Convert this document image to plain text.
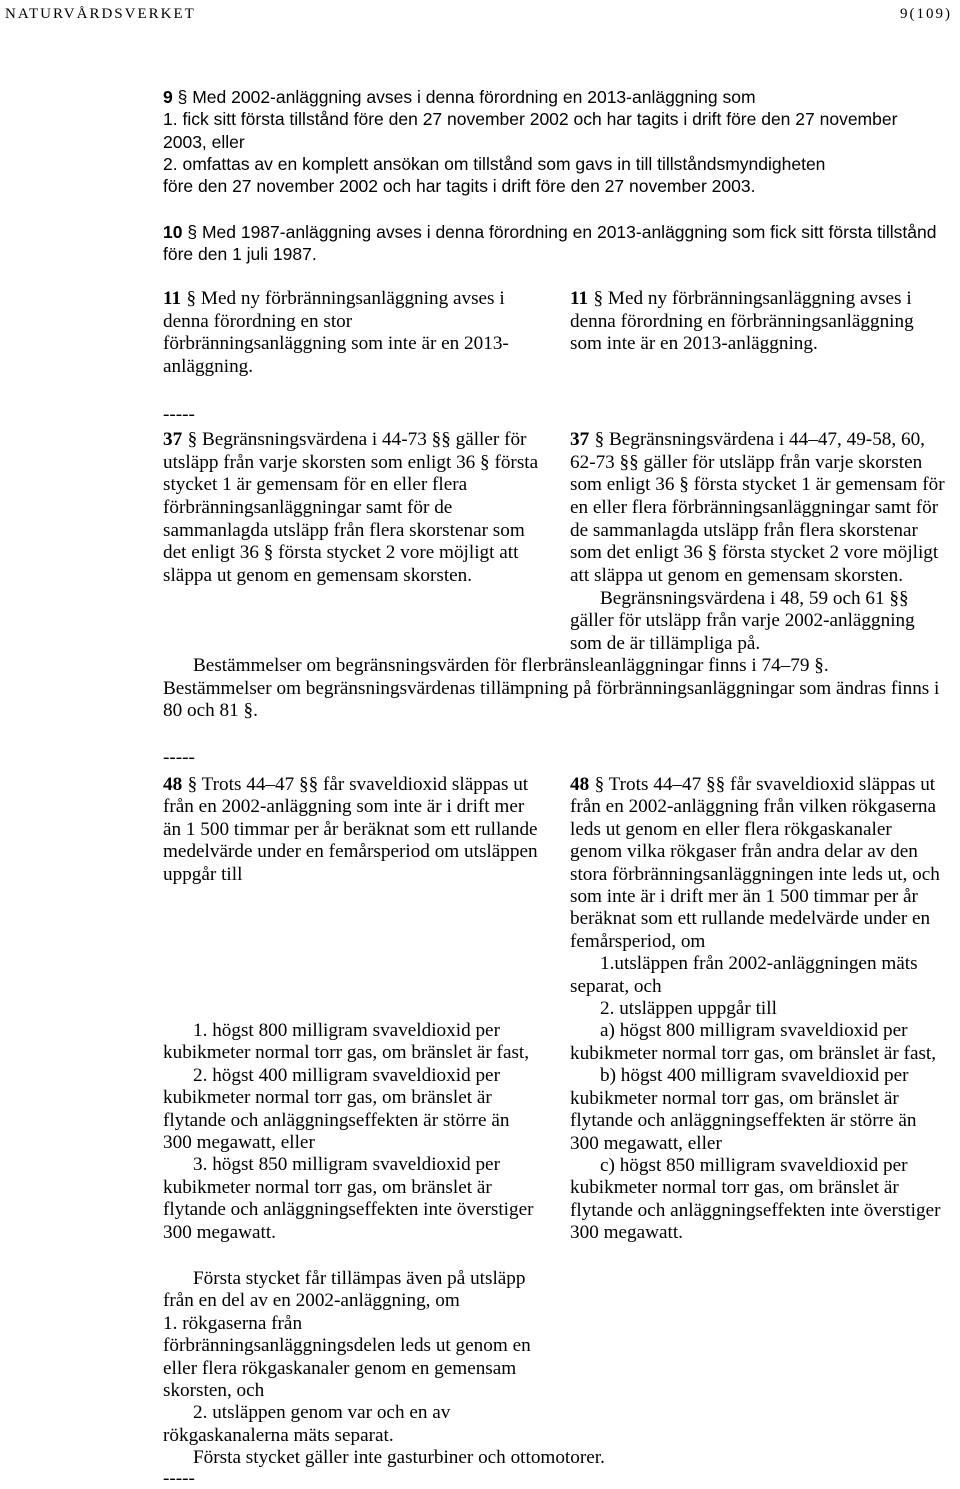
NATURVÅRDSVERKET	9(109)
9 § Med 2002-anläggning avses i denna förordning en 2013-anläggning som
1. fick sitt första tillstånd före den 27 november 2002 och har tagits i drift före den 27 november
2003, eller
2. omfattas av en komplett ansökan om tillstånd som gavs in till tillståndsmyndigheten
före den 27 november 2002 och har tagits i drift före den 27 november 2003.
10 § Med 1987-anläggning avses i denna förordning en 2013-anläggning som fick sitt första tillstånd
före den 1 juli 1987.
11 § Med ny förbränningsanläggning avses i
denna förordning en stor
förbränningsanläggning som inte är en 2013-
anläggning.
11 § Med ny förbränningsanläggning avses i
denna förordning en förbränningsanläggning
som inte är en 2013-anläggning.
-----
37 § Begränsningsvärdena i 44-73 §§ gäller för
utsläpp från varje skorsten som enligt 36 § första
stycket 1 är gemensam för en eller flera
förbränningsanläggningar samt för de
sammanlagda utsläpp från flera skorstenar som
det enligt 36 § första stycket 2 vore möjligt att
släppa ut genom en gemensam skorsten.
37 § Begränsningsvärdena i 44–47, 49-58, 60,
62-73 §§ gäller för utsläpp från varje skorsten
som enligt 36 § första stycket 1 är gemensam för
en eller flera förbränningsanläggningar samt för
de sammanlagda utsläpp från flera skorstenar
som det enligt 36 § första stycket 2 vore möjligt
att släppa ut genom en gemensam skorsten.
Begränsningsvärdena i 48, 59 och 61 §§
gäller för utsläpp från varje 2002-anläggning
som de är tillämpliga på.
Bestämmelser om begränsningsvärden för flerbränsleanläggningar finns i 74–79 §.
Bestämmelser om begränsningsvärdenas tillämpning på förbränningsanläggningar som ändras finns i
80 och 81 §.
-----
48 § Trots 44–47 §§ får svaveldioxid släppas ut
från en 2002-anläggning som inte är i drift mer
än 1 500 timmar per år beräknat som ett rullande
medelvärde under en femårsperiod om utsläppen
uppgår till
1. högst 800 milligram svaveldioxid per
kubikmeter normal torr gas, om bränslet är fast,
2. högst 400 milligram svaveldioxid per
kubikmeter normal torr gas, om bränslet är
flytande och anläggningseffekten är större än
300 megawatt, eller
3. högst 850 milligram svaveldioxid per
kubikmeter normal torr gas, om bränslet är
flytande och anläggningseffekten inte överstiger
300 megawatt.
48 § Trots 44–47 §§ får svaveldioxid släppas ut
från en 2002-anläggning från vilken rökgaserna
leds ut genom en eller flera rökgaskanaler
genom vilka rökgaser från andra delar av den
stora förbränningsanläggningen inte leds ut, och
som inte är i drift mer än 1 500 timmar per år
beräknat som ett rullande medelvärde under en
femårsperiod, om
1.utsläppen från 2002-anläggningen mäts
separat, och
2. utsläppen uppgår till
a) högst 800 milligram svaveldioxid per
kubikmeter normal torr gas, om bränslet är fast,
b) högst 400 milligram svaveldioxid per
kubikmeter normal torr gas, om bränslet är
flytande och anläggningseffekten är större än
300 megawatt, eller
c) högst 850 milligram svaveldioxid per
kubikmeter normal torr gas, om bränslet är
flytande och anläggningseffekten inte överstiger
300 megawatt.
Första stycket får tillämpas även på utsläpp
från en del av en 2002-anläggning, om
1. rökgaserna från
förbränningsanläggningsdelen leds ut genom en
eller flera rökgaskanaler genom en gemensam
skorsten, och
2. utsläppen genom var och en av
rökgaskanalerna mäts separat.
Första stycket gäller inte gasturbiner och ottomotorer.
-----
